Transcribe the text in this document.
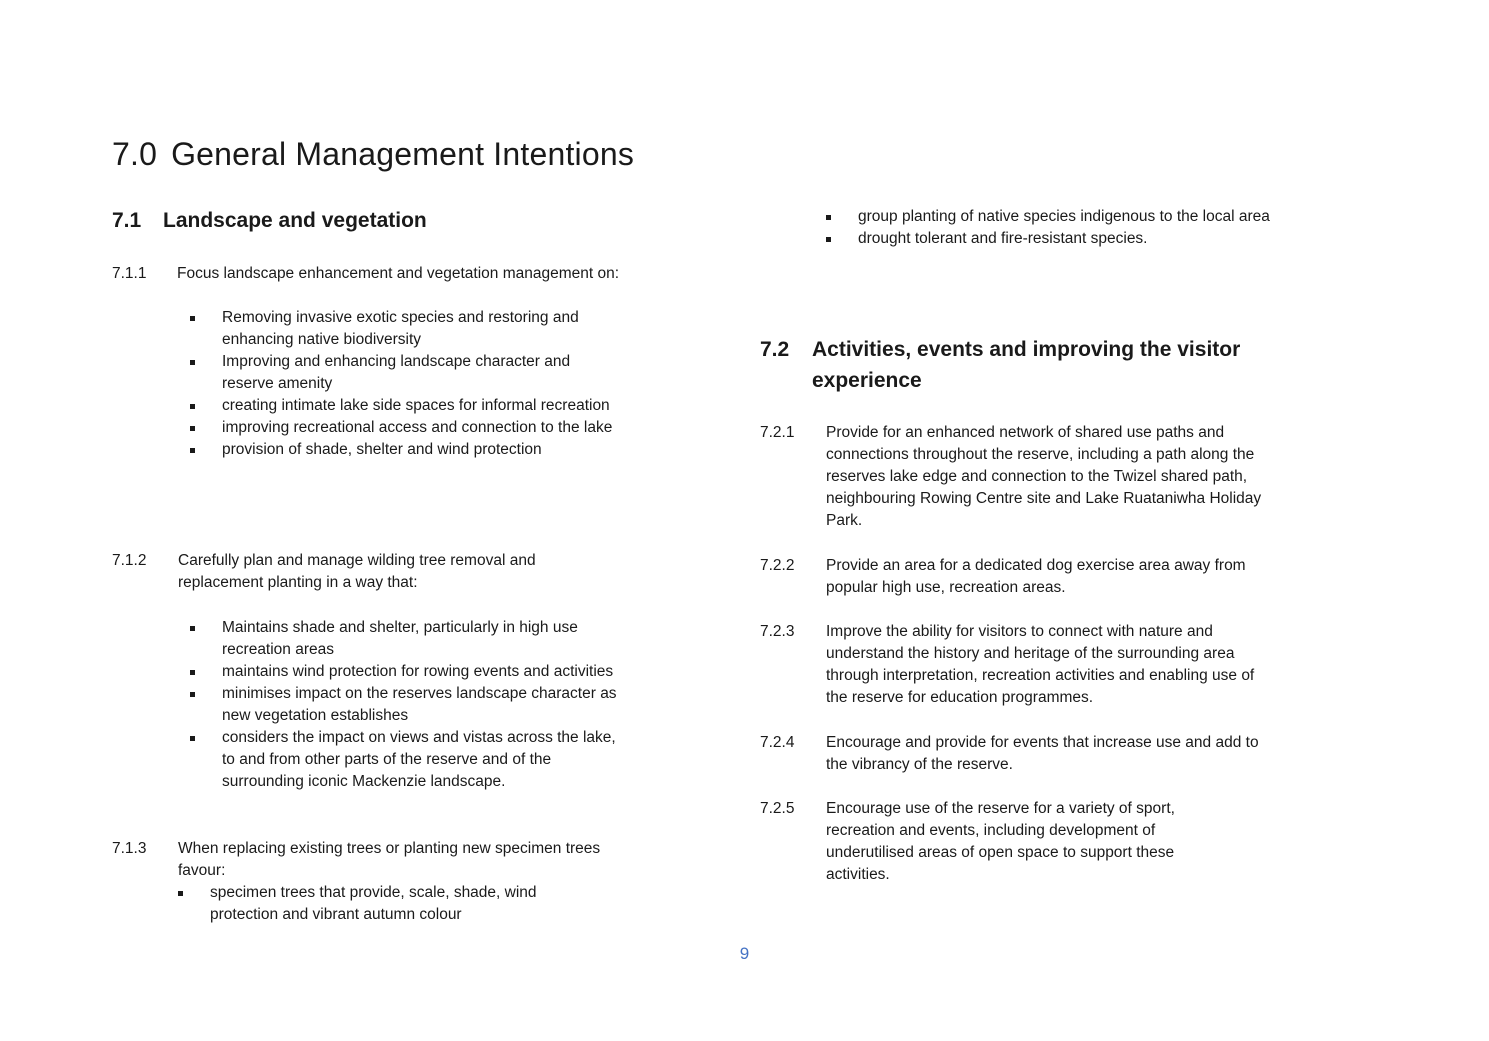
7.0 General Management Intentions
7.1	Landscape and vegetation
7.1.1	Focus landscape enhancement and vegetation management on:
Removing invasive exotic species and restoring and enhancing native biodiversity
Improving and enhancing landscape character and reserve amenity
creating intimate lake side spaces for informal recreation
improving recreational access and connection to the lake
provision of shade, shelter and wind protection
7.1.2	Carefully plan and manage wilding tree removal and replacement planting in a way that:
Maintains shade and shelter, particularly in high use recreation areas
maintains wind protection for rowing events and activities
minimises impact on the reserves landscape character as new vegetation establishes
considers the impact on views and vistas across the lake, to and from other parts of the reserve and of the surrounding iconic Mackenzie landscape.
7.1.3	When replacing existing trees or planting new specimen trees favour:
specimen trees that provide, scale, shade, wind protection and vibrant autumn colour
group planting of native species indigenous to the local area
drought tolerant and fire-resistant species.
7.2	Activities, events and improving the visitor experience
7.2.1	Provide for an enhanced network of shared use paths and connections throughout the reserve, including a path along the reserves lake edge and connection to the Twizel shared path, neighbouring Rowing Centre site and Lake Ruataniwha Holiday Park.
7.2.2	Provide an area for a dedicated dog exercise area away from popular high use, recreation areas.
7.2.3	Improve the ability for visitors to connect with nature and understand the history and heritage of the surrounding area through interpretation, recreation activities and enabling use of the reserve for education programmes.
7.2.4	Encourage and provide for events that increase use and add to the vibrancy of the reserve.
7.2.5	Encourage use of the reserve for a variety of sport, recreation and events, including development of underutilised areas of open space to support these activities.
9
